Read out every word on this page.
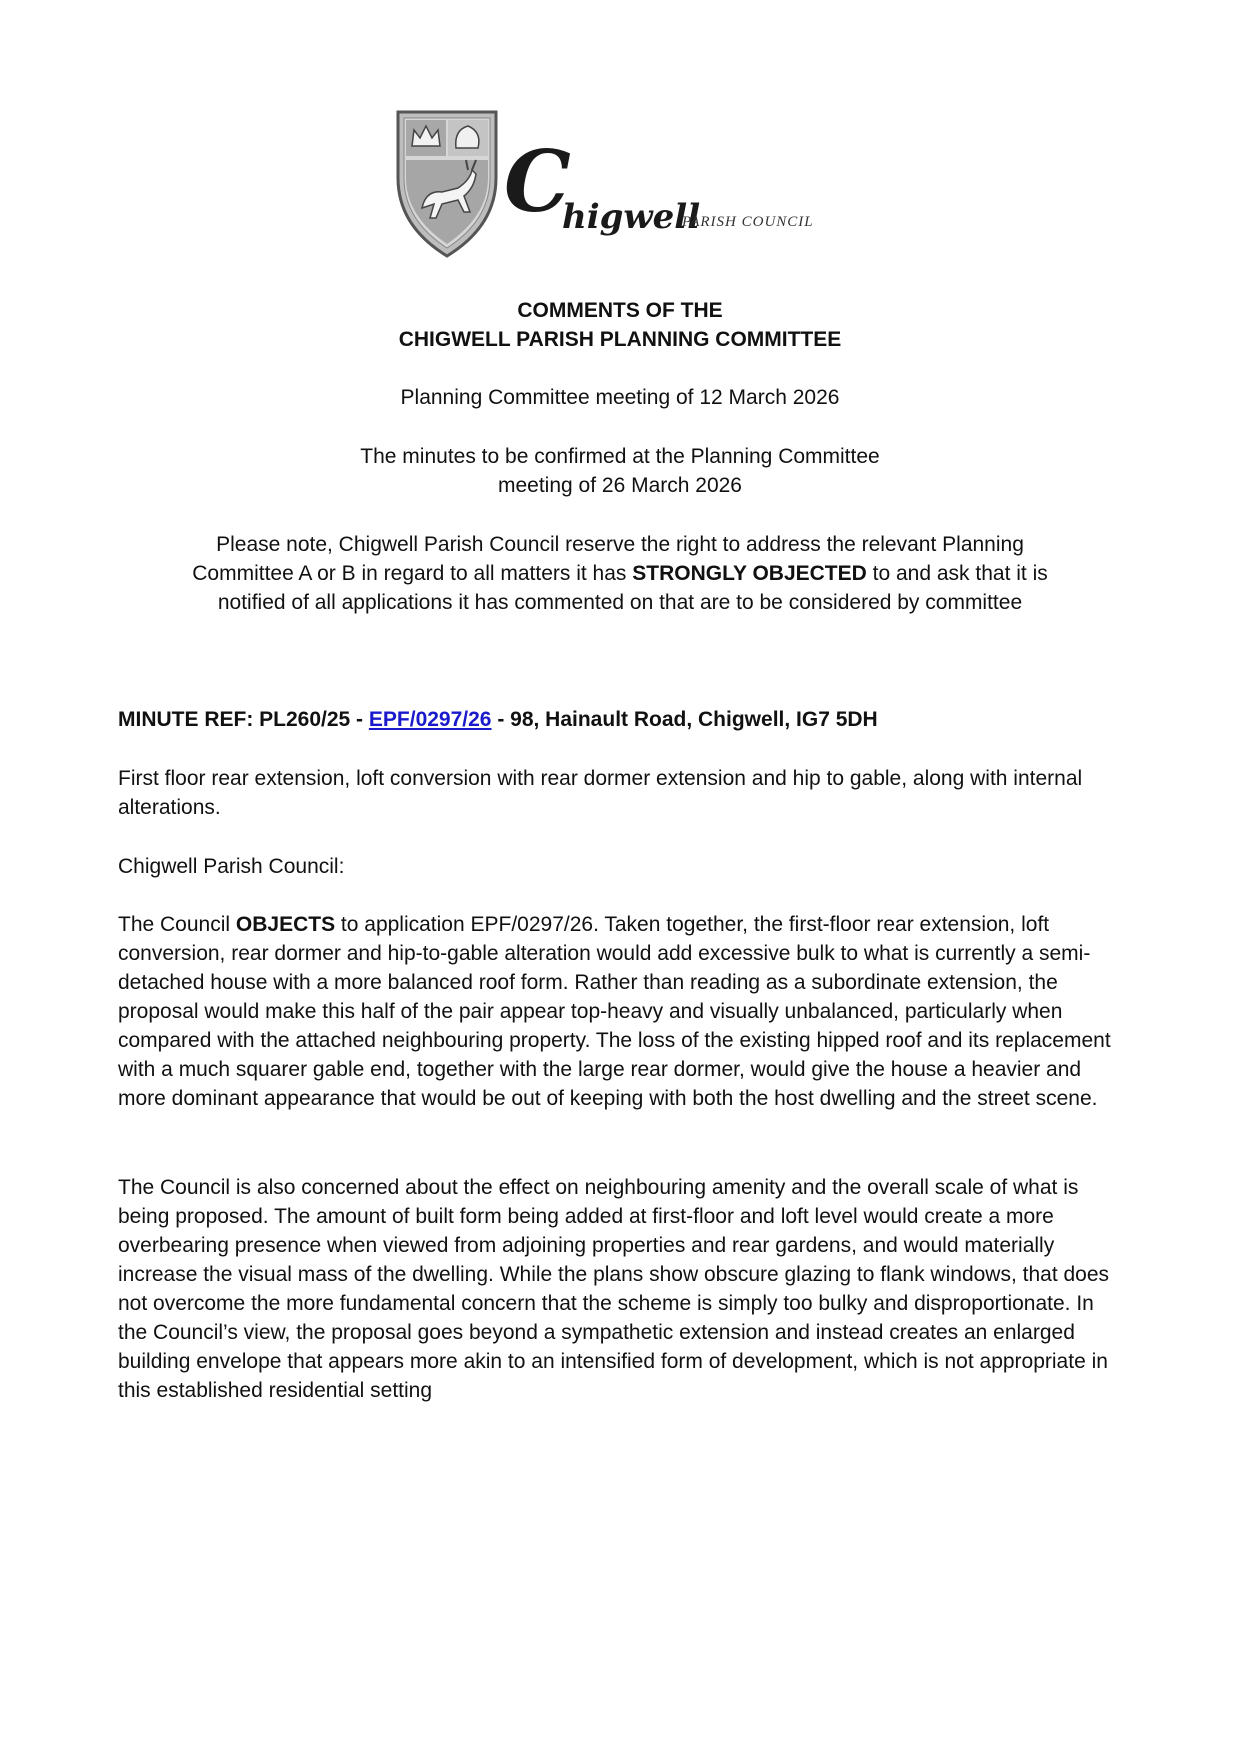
C
higwell
PARISH COUNCIL
COMMENTS OF THE
CHIGWELL PARISH PLANNING COMMITTEE
Planning Committee meeting of 12 March 2026
The minutes to be confirmed at the Planning Committee
meeting of 26 March 2026
Please note, Chigwell Parish Council reserve the right to address the relevant Planning
Committee A or B in regard to all matters it has STRONGLY OBJECTED to and ask that it is
notified of all applications it has commented on that are to be considered by committee
MINUTE REF: PL260/25 - EPF/0297/26 - 98, Hainault Road, Chigwell, IG7 5DH
First floor rear extension, loft conversion with rear dormer extension and hip to gable, along with internal alterations.
Chigwell Parish Council:
The Council OBJECTS to application EPF/0297/26. Taken together, the first-floor rear extension, loft conversion, rear dormer and hip-to-gable alteration would add excessive bulk to what is currently a semi-detached house with a more balanced roof form. Rather than reading as a subordinate extension, the proposal would make this half of the pair appear top-heavy and visually unbalanced, particularly when compared with the attached neighbouring property. The loss of the existing hipped roof and its replacement with a much squarer gable end, together with the large rear dormer, would give the house a heavier and more dominant appearance that would be out of keeping with both the host dwelling and the street scene.
The Council is also concerned about the effect on neighbouring amenity and the overall scale of what is being proposed. The amount of built form being added at first-floor and loft level would create a more overbearing presence when viewed from adjoining properties and rear gardens, and would materially increase the visual mass of the dwelling. While the plans show obscure glazing to flank windows, that does not overcome the more fundamental concern that the scheme is simply too bulky and disproportionate. In the Council’s view, the proposal goes beyond a sympathetic extension and instead creates an enlarged building envelope that appears more akin to an intensified form of development, which is not appropriate in this established residential setting
